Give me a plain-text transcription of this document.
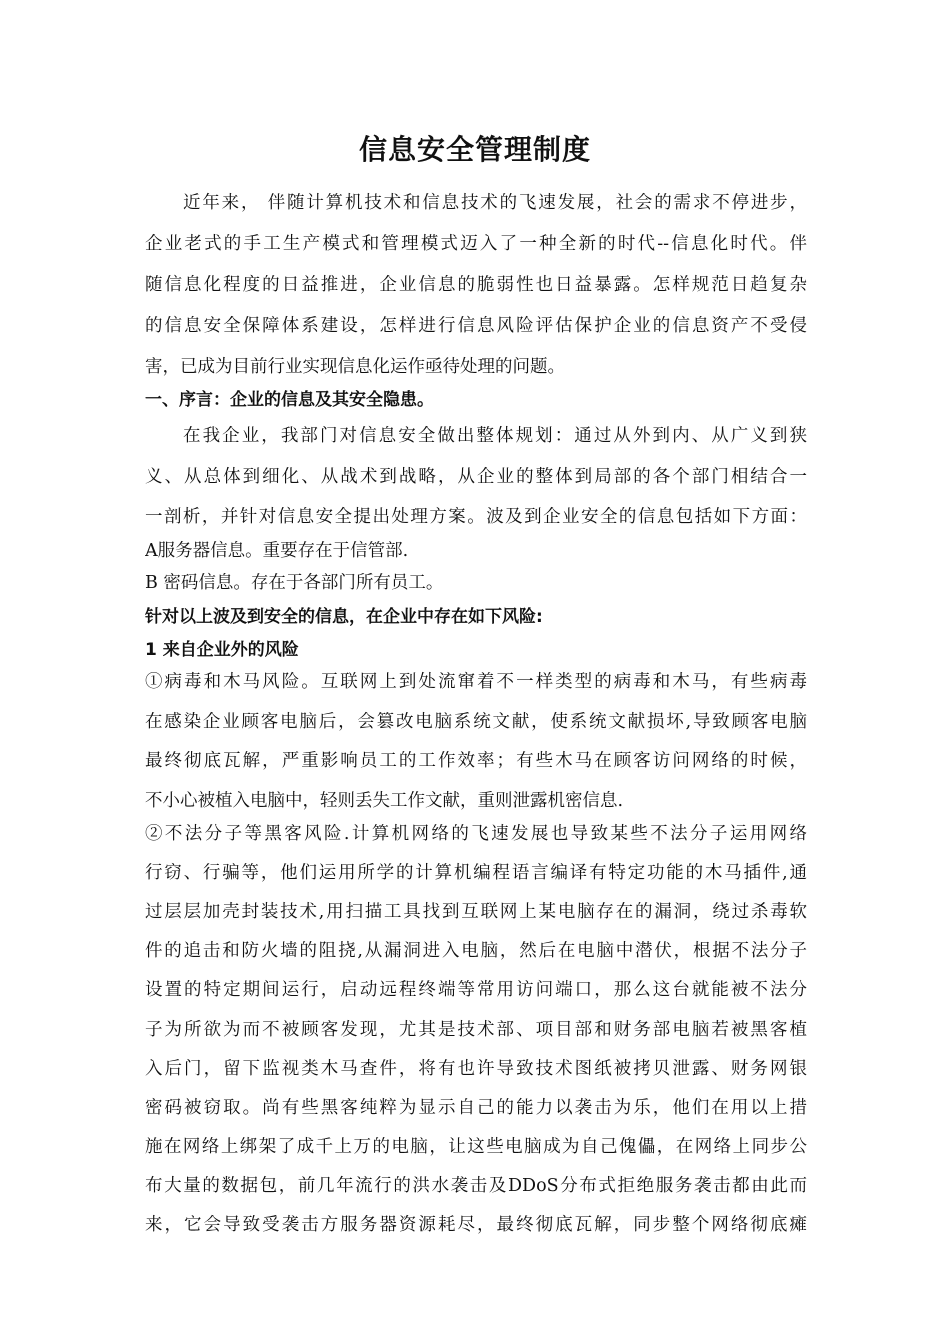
信息安全管理制度
近年来， 伴随计算机技术和信息技术的飞速发展，社会的需求不停进步，
企业老式的手工生产模式和管理模式迈入了一种全新的时代--信息化时代。伴
随信息化程度的日益推进，企业信息的脆弱性也日益暴露。怎样规范日趋复杂
的信息安全保障体系建设，怎样进行信息风险评估保护企业的信息资产不受侵
害，已成为目前行业实现信息化运作亟待处理的问题。
一、序言：企业的信息及其安全隐患。
在我企业，我部门对信息安全做出整体规划：通过从外到内、从广义到狭
义、从总体到细化、从战术到战略，从企业的整体到局部的各个部门相结合一
一剖析，并针对信息安全提出处理方案。波及到企业安全的信息包括如下方面：
A服务器信息。重要存在于信管部.
B 密码信息。存在于各部门所有员工。
针对以上波及到安全的信息，在企业中存在如下风险:
1 来自企业外的风险
①病毒和木马风险。互联网上到处流窜着不一样类型的病毒和木马，有些病毒
在感染企业顾客电脑后，会篡改电脑系统文献，使系统文献损坏,导致顾客电脑
最终彻底瓦解，严重影响员工的工作效率；有些木马在顾客访问网络的时候，
不小心被植入电脑中，轻则丢失工作文献，重则泄露机密信息.
②不法分子等黑客风险.计算机网络的飞速发展也导致某些不法分子运用网络
行窃、行骗等，他们运用所学的计算机编程语言编译有特定功能的木马插件,通
过层层加壳封装技术,用扫描工具找到互联网上某电脑存在的漏洞，绕过杀毒软
件的追击和防火墙的阻挠,从漏洞进入电脑，然后在电脑中潜伏，根据不法分子
设置的特定期间运行，启动远程终端等常用访问端口，那么这台就能被不法分
子为所欲为而不被顾客发现，尤其是技术部、项目部和财务部电脑若被黑客植
入后门，留下监视类木马查件，将有也许导致技术图纸被拷贝泄露、财务网银
密码被窃取。尚有些黑客纯粹为显示自己的能力以袭击为乐，他们在用以上措
施在网络上绑架了成千上万的电脑，让这些电脑成为自己傀儡，在网络上同步公
布大量的数据包，前几年流行的洪水袭击及DDoS分布式拒绝服务袭击都由此而
来，它会导致受袭击方服务器资源耗尽，最终彻底瓦解，同步整个网络彻底瘫
